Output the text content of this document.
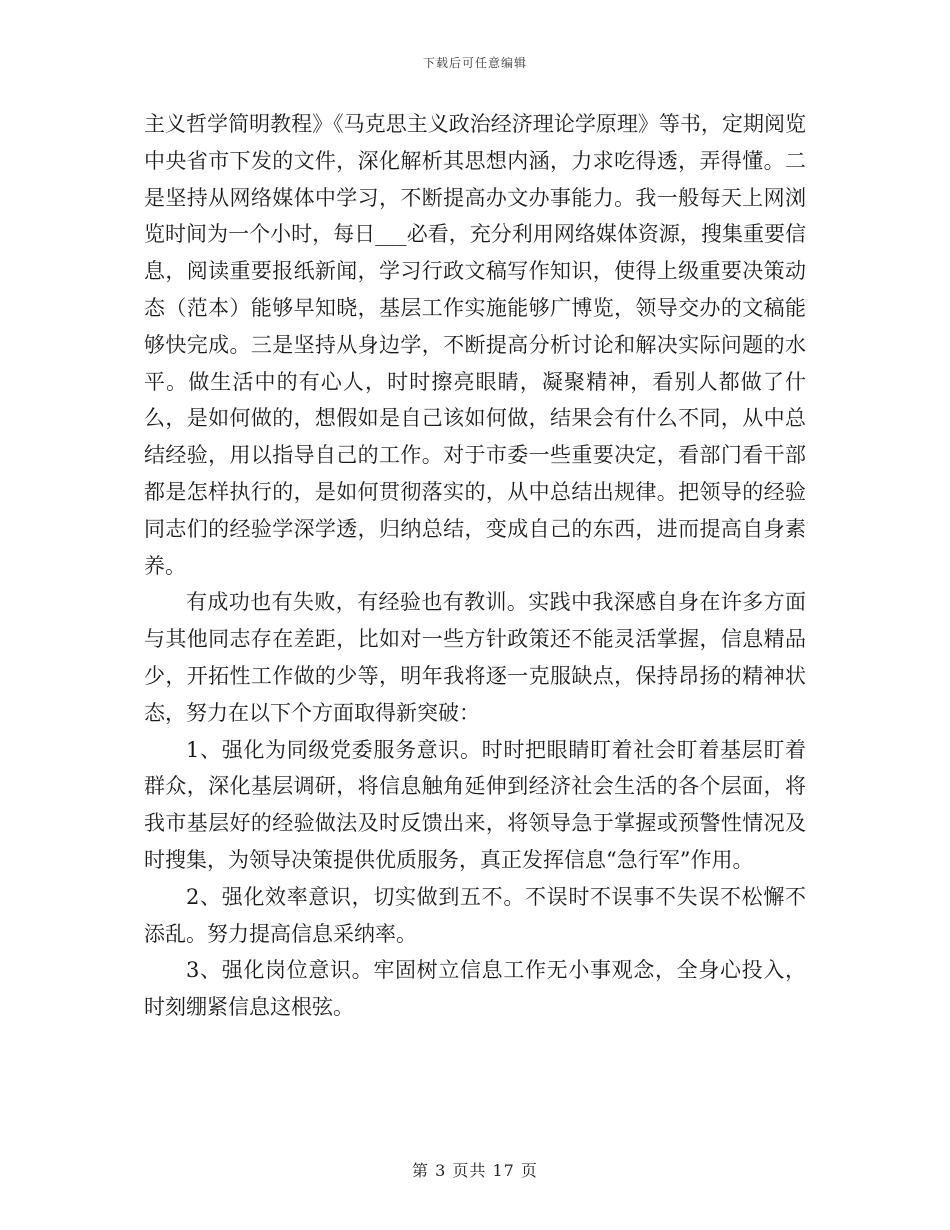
下载后可任意编辑

主义哲学简明教程》《马克思主义政治经济理论学原理》等书，定期阅览中央省市下发的文件，深化解析其思想内涵，力求吃得透，弄得懂。二是坚持从网络媒体中学习，不断提高办文办事能力。我一般每天上网浏览时间为一个小时，每日___必看，充分利用网络媒体资源，搜集重要信息，阅读重要报纸新闻，学习行政文稿写作知识，使得上级重要决策动态（范本）能够早知晓，基层工作实施能够广博览，领导交办的文稿能够快完成。三是坚持从身边学，不断提高分析讨论和解决实际问题的水平。做生活中的有心人，时时擦亮眼睛，凝聚精神，看别人都做了什么，是如何做的，想假如是自己该如何做，结果会有什么不同，从中总结经验，用以指导自己的工作。对于市委一些重要决定，看部门看干部都是怎样执行的，是如何贯彻落实的，从中总结出规律。把领导的经验同志们的经验学深学透，归纳总结，变成自己的东西，进而提高自身素养。

有成功也有失败，有经验也有教训。实践中我深感自身在许多方面与其他同志存在差距，比如对一些方针政策还不能灵活掌握，信息精品少，开拓性工作做的少等，明年我将逐一克服缺点，保持昂扬的精神状态，努力在以下个方面取得新突破：

1、强化为同级党委服务意识。时时把眼睛盯着社会盯着基层盯着群众，深化基层调研，将信息触角延伸到经济社会生活的各个层面，将我市基层好的经验做法及时反馈出来，将领导急于掌握或预警性情况及时搜集，为领导决策提供优质服务，真正发挥信息“急行军”作用。

2、强化效率意识，切实做到五不。不误时不误事不失误不松懈不添乱。努力提高信息采纳率。

3、强化岗位意识。牢固树立信息工作无小事观念，全身心投入，时刻绷紧信息这根弦。

第 3 页共 17 页
